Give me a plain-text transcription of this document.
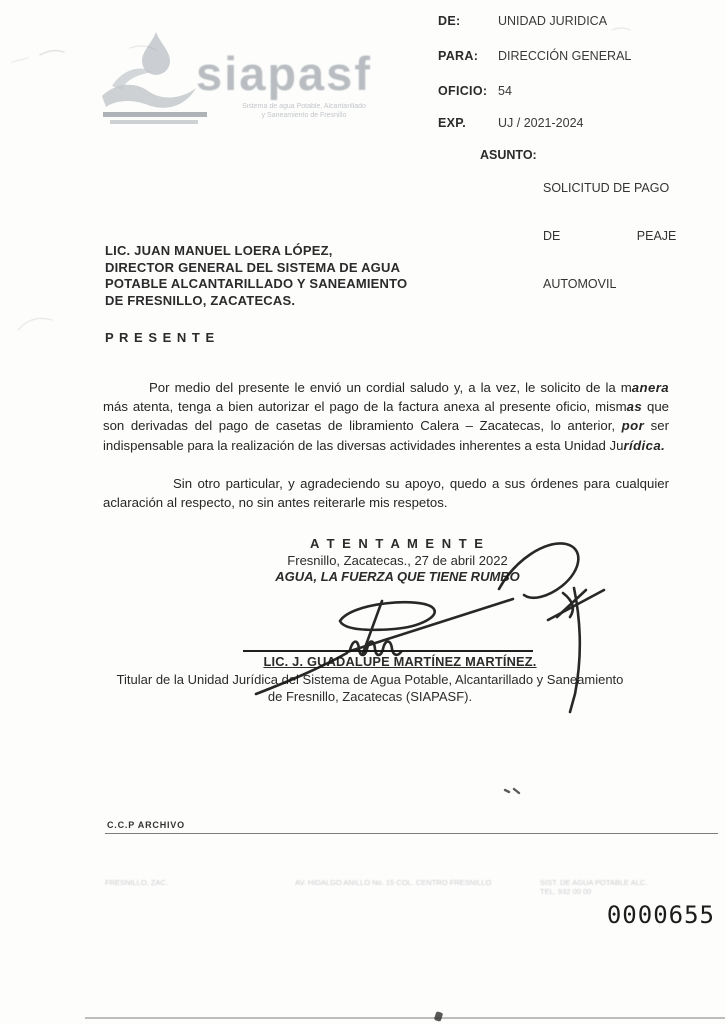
siapasf
Sistema de agua Potable, Alcantarillado
y Saneamiento de Fresnillo
DE:	UNIDAD JURIDICA
PARA: DIRECCIÓN GENERAL
OFICIO: 54
EXP.	UJ / 2021-2024
ASUNTO:

SOLICITUD DE PAGO

DE                      PEAJE

AUTOMOVIL

LIC. JUAN MANUEL LOERA LÓPEZ,
DIRECTOR GENERAL DEL SISTEMA DE AGUA
POTABLE ALCANTARILLADO Y SANEAMIENTO
DE FRESNILLO, ZACATECAS.
P R E S E N T E
Por medio del presente le envió un cordial saludo y, a la vez, le solicito de la manera
más atenta, tenga a bien autorizar el pago de la factura anexa al presente oficio, mismas que
son derivadas del pago de casetas de libramiento Calera – Zacatecas, lo anterior, por ser
indispensable para la realización de las diversas actividades inherentes a esta Unidad Jurídica.
Sin otro particular, y agradeciendo su apoyo, quedo a sus órdenes para cualquier
aclaración al respecto, no sin antes reiterarle mis respetos.
A T E N T A M E N T E
Fresnillo, Zacatecas., 27 de abril 2022
AGUA, LA FUERZA QUE TIENE RUMBO
LIC. J. GUADALUPE MARTÍNEZ MARTÍNEZ.
Titular de la Unidad Jurídica del Sistema de Agua Potable, Alcantarillado y Saneamiento
de Fresnillo, Zacatecas (SIAPASF).
C.C.P ARCHIVO
FRESNILLO, ZAC.	AV. HIDALGO ANILLO No. 15 COL. CENTRO FRESNILLO	SIST. DE AGUA POTABLE ALC.
TEL. 932 00 00
0000655
